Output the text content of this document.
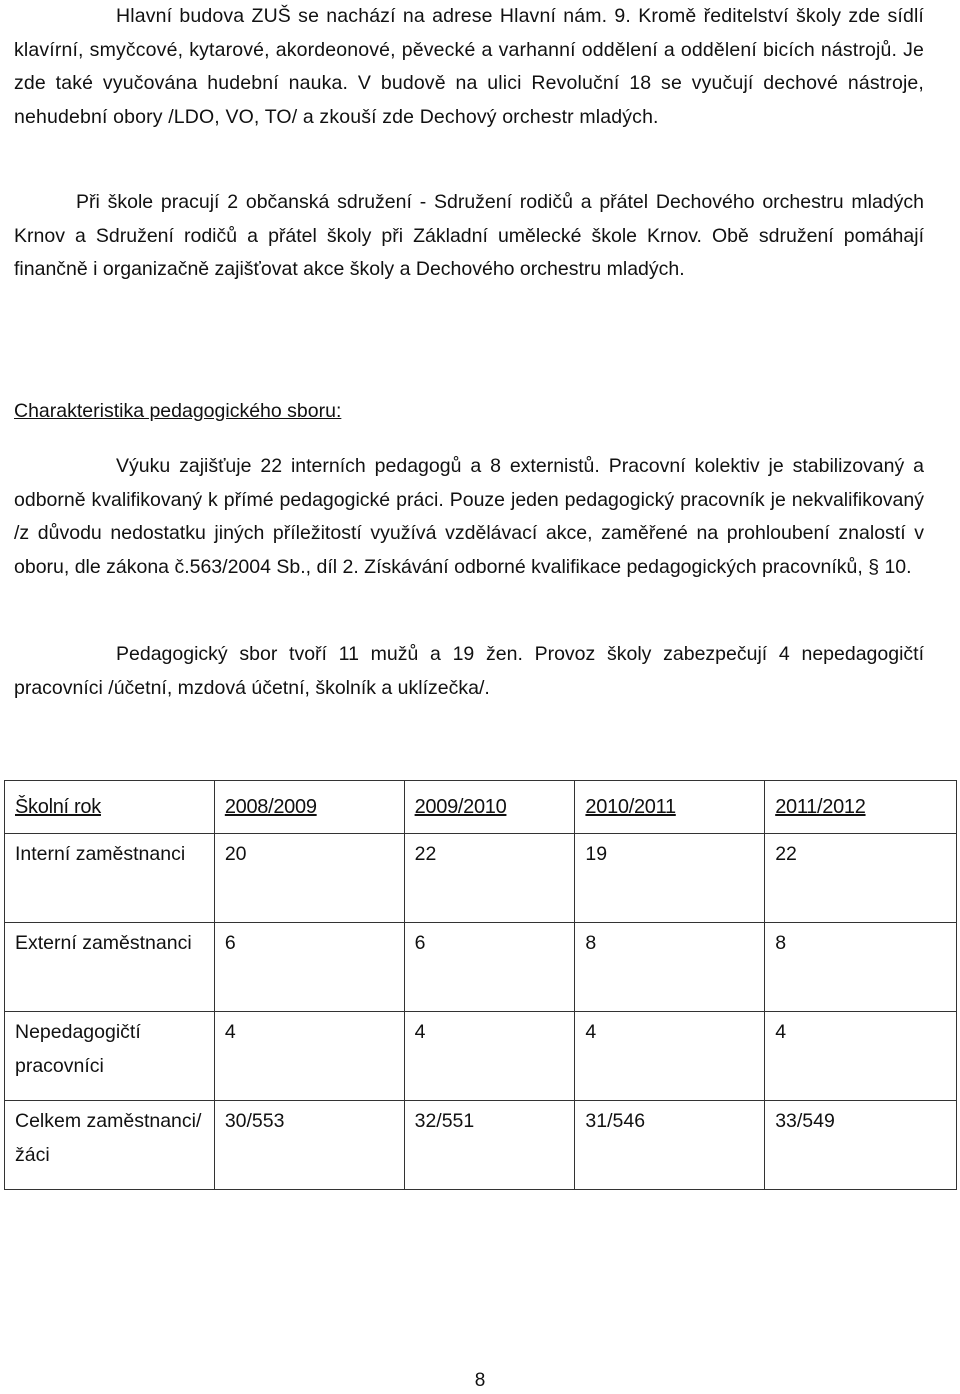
Hlavní budova ZUŠ se nachází na adrese Hlavní nám. 9. Kromě ředitelství školy zde sídlí klavírní, smyčcové, kytarové, akordeonové, pěvecké a varhanní oddělení a oddělení bicích nástrojů. Je zde také vyučována hudební nauka. V budově na ulici Revoluční 18 se vyučují dechové nástroje, nehudební obory /LDO, VO, TO/ a zkouší zde Dechový orchestr mladých.

Při škole pracují 2 občanská sdružení - Sdružení rodičů a přátel Dechového orchestru mladých Krnov a Sdružení rodičů a přátel školy při Základní umělecké škole Krnov. Obě sdružení pomáhají finančně i organizačně zajišťovat akce školy a Dechového orchestru mladých.

Charakteristika pedagogického sboru:

Výuku zajišťuje 22 interních pedagogů a 8 externistů. Pracovní kolektiv je stabilizovaný a odborně kvalifikovaný k přímé pedagogické práci. Pouze jeden pedagogický pracovník je nekvalifikovaný /z důvodu nedostatku jiných příležitostí využívá vzdělávací akce, zaměřené na prohloubení znalostí v oboru, dle zákona č.563/2004 Sb., díl 2. Získávání odborné kvalifikace pedagogických pracovníků, § 10.

Pedagogický sbor tvoří 11 mužů a 19 žen. Provoz školy zabezpečují 4 nepedagogičtí pracovníci /účetní, mzdová účetní, školník a uklízečka/.

Školní rok	2008/2009	2009/2010	2010/2011	2011/2012

Interní zaměstnanci	20	22	19	22

Externí zaměstnanci	6	6	8	8

Nepedagogičtí pracovníci	4	4	4	4

Celkem zaměstnanci/žáci	30/553	32/551	31/546	33/549
8
